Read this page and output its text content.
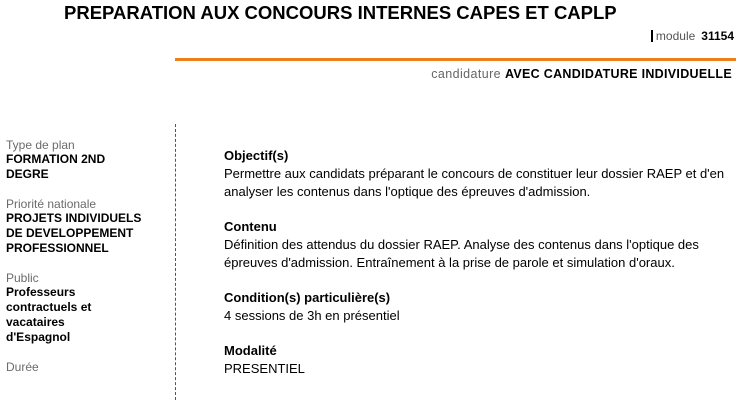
PREPARATION AUX CONCOURS INTERNES CAPES ET CAPLP
module 31154
candidature AVEC CANDIDATURE INDIVIDUELLE
Type de plan
FORMATION 2ND DEGRE
Priorité nationale
PROJETS INDIVIDUELS DE DEVELOPPEMENT PROFESSIONNEL
Public
Professeurs contractuels et vacataires d'Espagnol
Durée
Objectif(s)
Permettre aux candidats préparant le concours de constituer leur dossier RAEP et d'en analyser les contenus dans l'optique des épreuves d'admission.
Contenu
Définition des attendus du dossier RAEP. Analyse des contenus dans l'optique des épreuves d'admission. Entraînement à la prise de parole et simulation d'oraux.
Condition(s) particulière(s)
4 sessions de 3h en présentiel
Modalité
PRESENTIEL
